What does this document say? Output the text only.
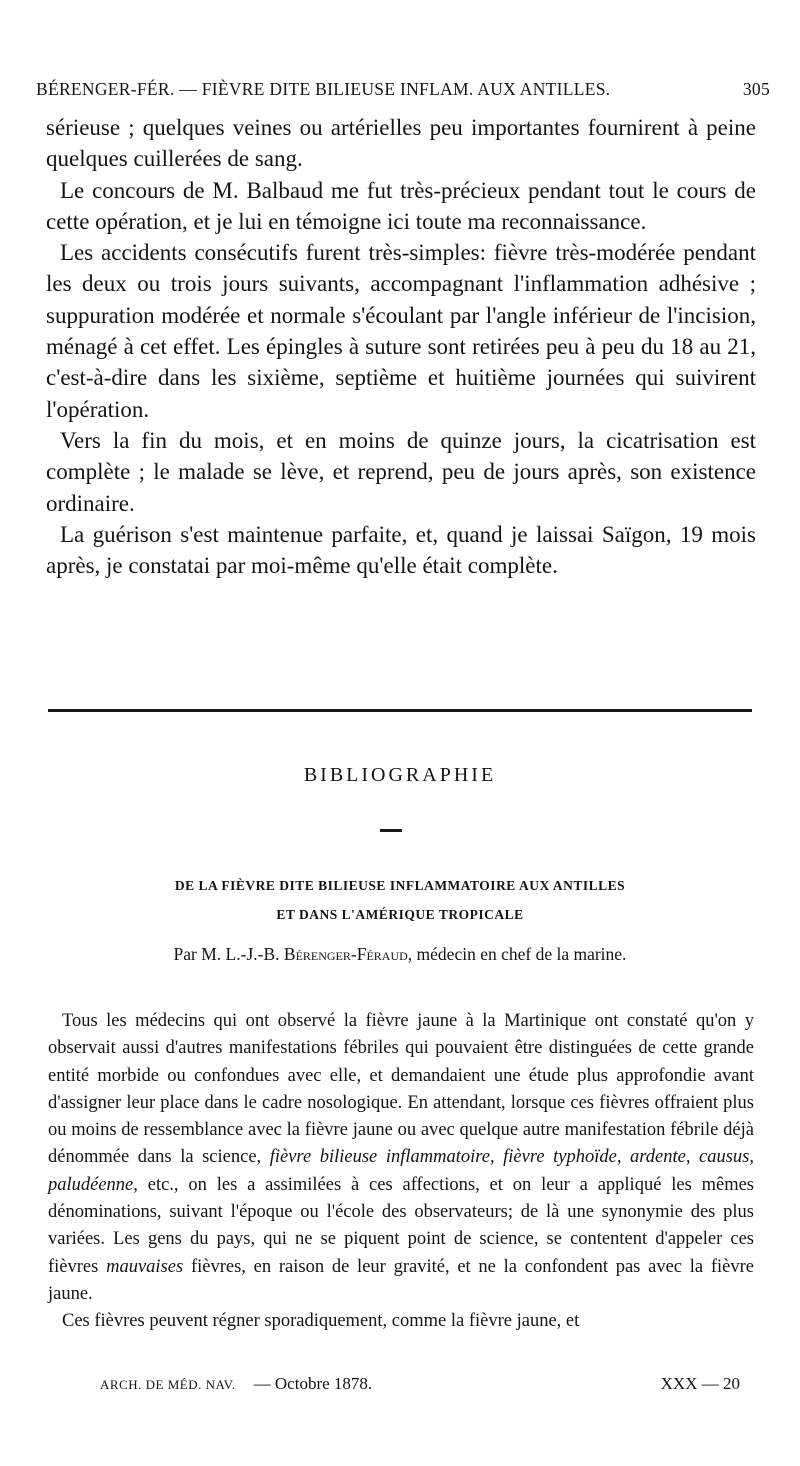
BÉRENGER-FÉR. — FIÈVRE DITE BILIEUSE INFLAM. AUX ANTILLES.	305

sérieuse ; quelques veines ou artérielles peu importantes fournirent à peine quelques cuillerées de sang.

Le concours de M. Balbaud me fut très-précieux pendant tout le cours de cette opération, et je lui en témoigne ici toute ma reconnaissance.

Les accidents consécutifs furent très-simples: fièvre très-modérée pendant les deux ou trois jours suivants, accompagnant l'inflammation adhésive ; suppuration modérée et normale s'écoulant par l'angle inférieur de l'incision, ménagé à cet effet. Les épingles à suture sont retirées peu à peu du 18 au 21, c'est-à-dire dans les sixième, septième et huitième journées qui suivirent l'opération.

Vers la fin du mois, et en moins de quinze jours, la cicatrisation est complète ; le malade se lève, et reprend, peu de jours après, son existence ordinaire.

La guérison s'est maintenue parfaite, et, quand je laissai Saïgon, 19 mois après, je constatai par moi-même qu'elle était complète.

BIBLIOGRAPHIE
DE LA FIÈVRE DITE BILIEUSE INFLAMMATOIRE AUX ANTILLES
ET DANS L'AMÉRIQUE TROPICALE
Par M. L.-J.-B. Bérenger-Féraud, médecin en chef de la marine.

Tous les médecins qui ont observé la fièvre jaune à la Martinique ont constaté qu'on y observait aussi d'autres manifestations fébriles qui pouvaient être distinguées de cette grande entité morbide ou confondues avec elle, et demandaient une étude plus approfondie avant d'assigner leur place dans le cadre nosologique. En attendant, lorsque ces fièvres offraient plus ou moins de ressemblance avec la fièvre jaune ou avec quelque autre manifestation fébrile déjà dénommée dans la science, fièvre bilieuse inflammatoire, fièvre typhoïde, ardente, causus, paludéenne, etc., on les a assimilées à ces affections, et on leur a appliqué les mêmes dénominations, suivant l'époque ou l'école des observateurs; de là une synonymie des plus variées. Les gens du pays, qui ne se piquent point de science, se contentent d'appeler ces fièvres mauvaises fièvres, en raison de leur gravité, et ne la confondent pas avec la fièvre jaune.

Ces fièvres peuvent régner sporadiquement, comme la fièvre jaune, et

ARCH. DE MÉD. NAV. — Octobre 1878.	XXX — 20
